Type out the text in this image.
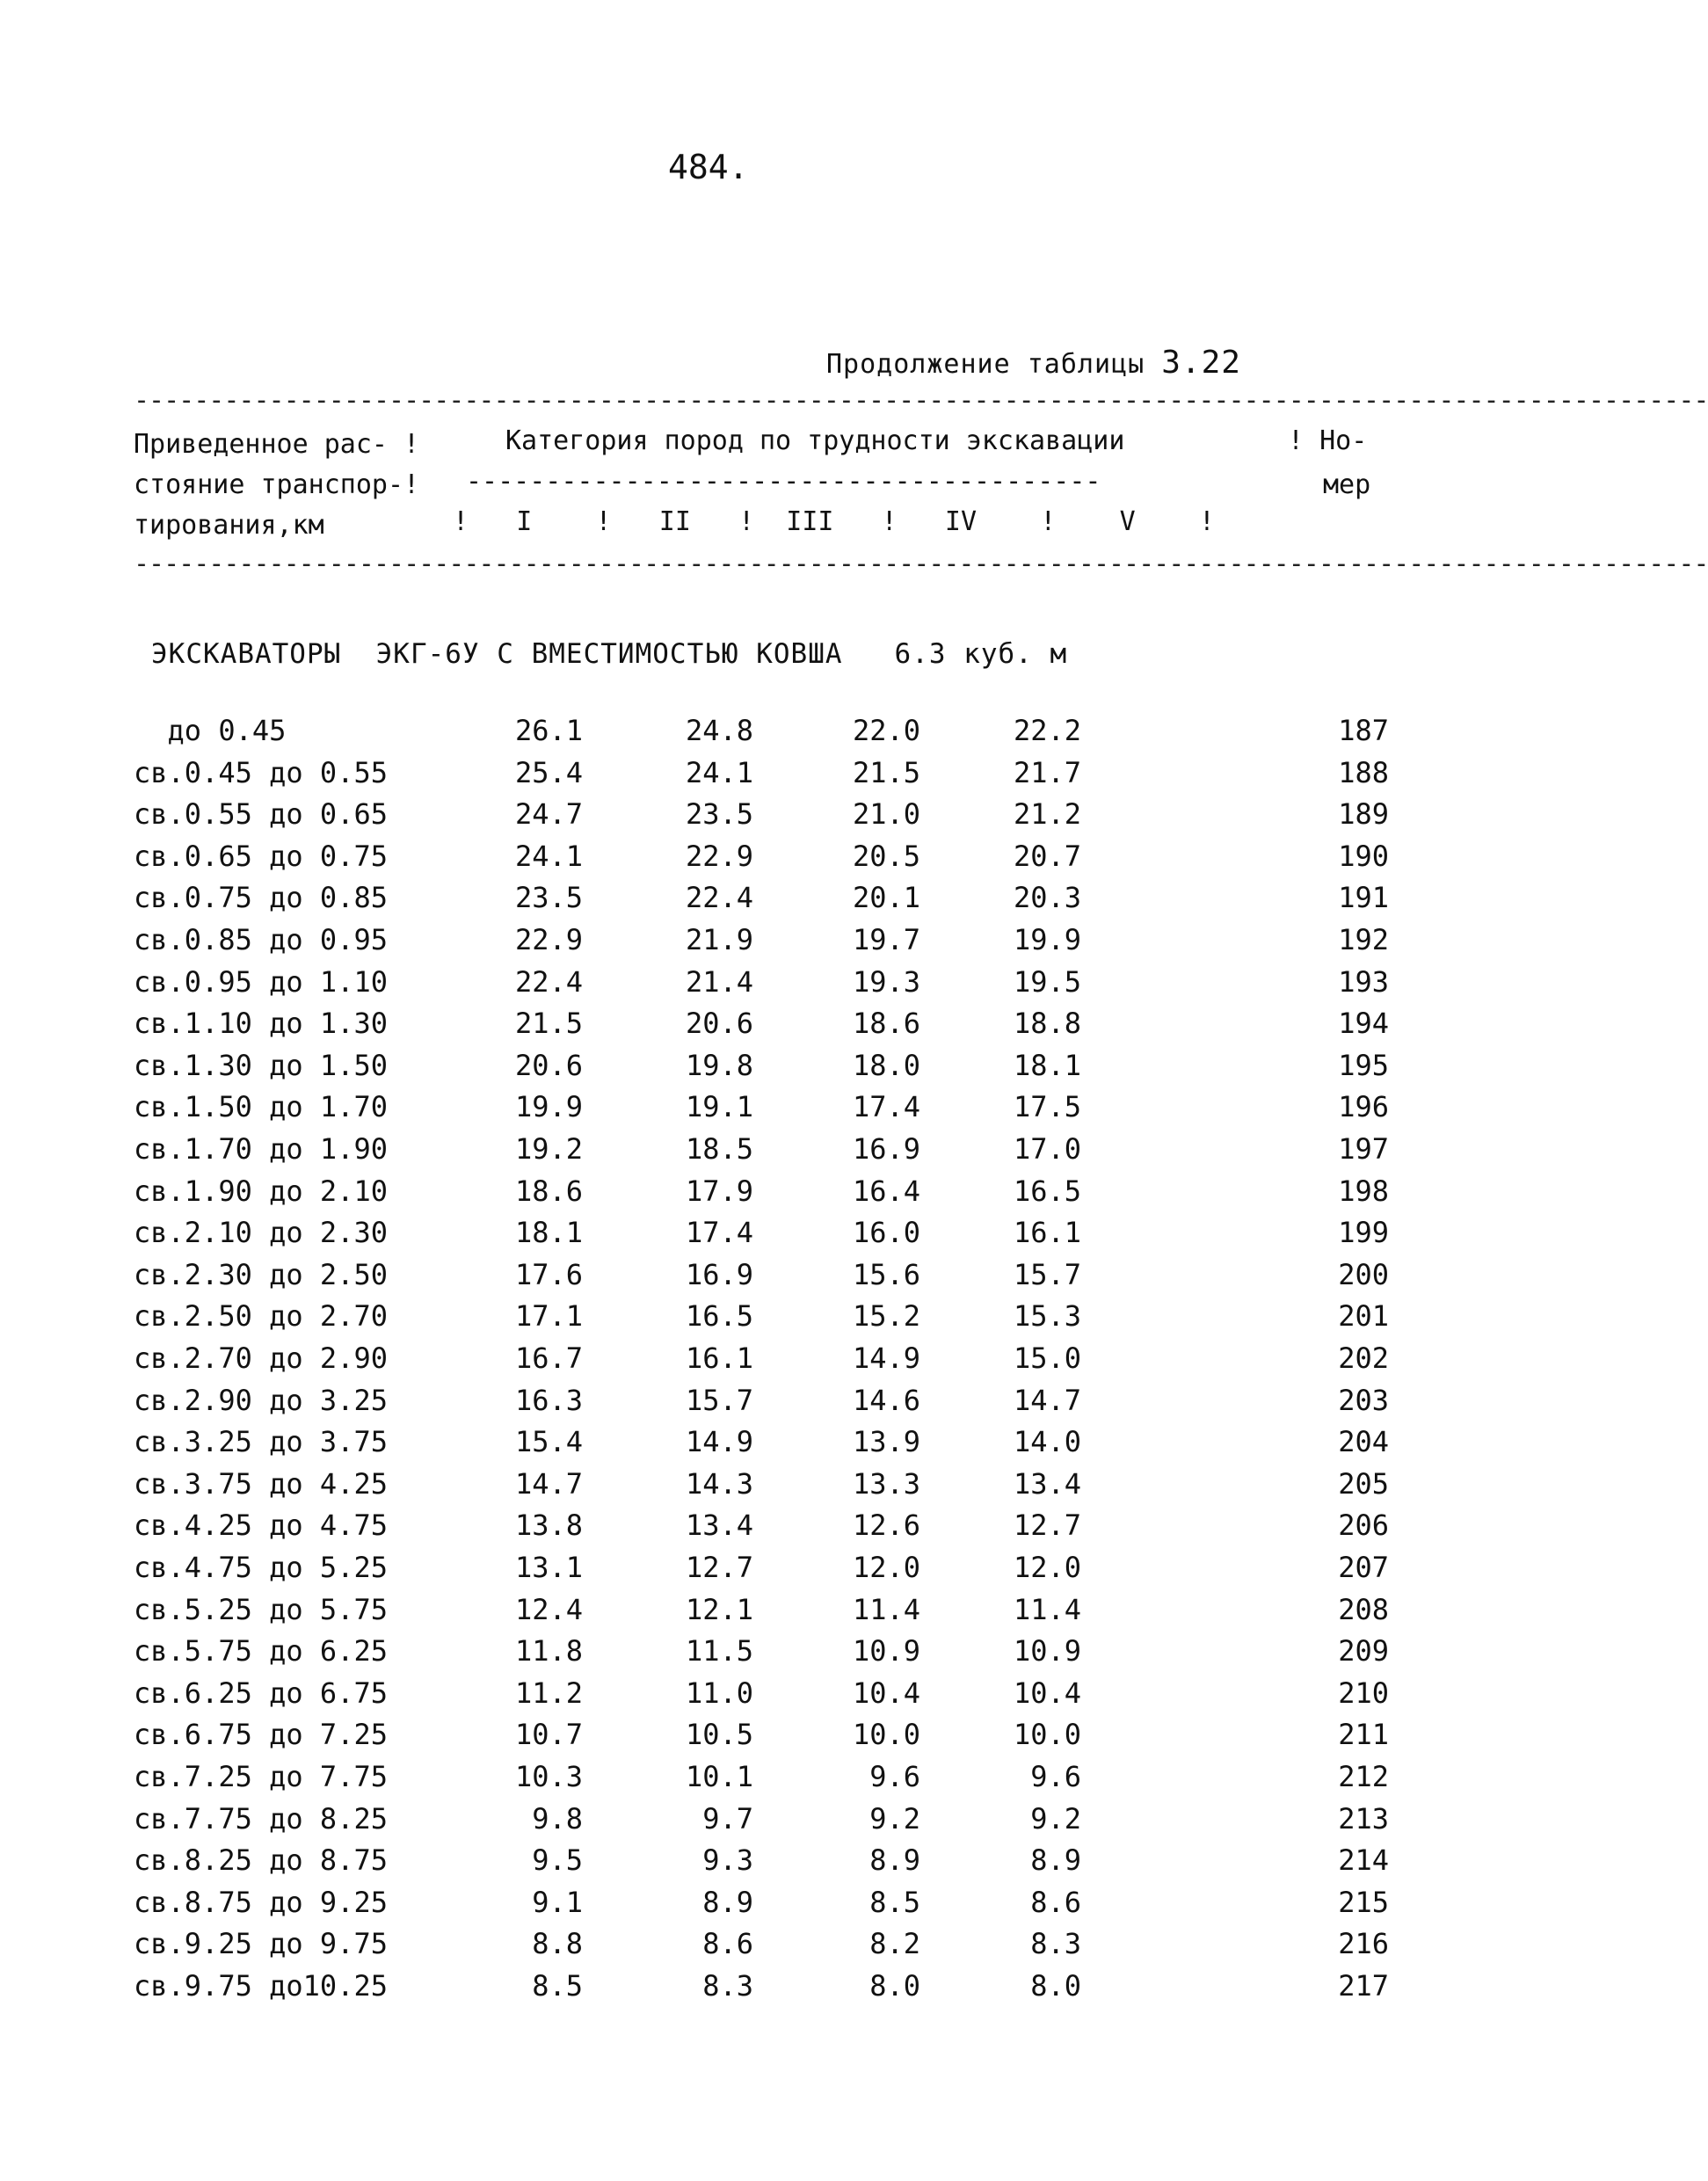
484.
Продолжение таблицы 3.22
---------------------------------------------------------------------------------------------------------
Приведенное рас- !	Категория пород по трудности экскавации	! Но-
стояние транспор-! ----------------------------------------	мер
тирования,км	!   I    !   II   !  III   !   IV    !    V    !
---------------------------------------------------------------------------------------------------------
ЭКСКАВАТОРЫ  ЭКГ-6У С ВМЕСТИМОСТЬЮ КОВША   6.3 куб. м
до 0.45	26.1	24.8	22.0	22.2	187
св.0.45 до 0.55	25.4	24.1	21.5	21.7	188
св.0.55 до 0.65	24.7	23.5	21.0	21.2	189
св.0.65 до 0.75	24.1	22.9	20.5	20.7	190
св.0.75 до 0.85	23.5	22.4	20.1	20.3	191
св.0.85 до 0.95	22.9	21.9	19.7	19.9	192
св.0.95 до 1.10	22.4	21.4	19.3	19.5	193
св.1.10 до 1.30	21.5	20.6	18.6	18.8	194
св.1.30 до 1.50	20.6	19.8	18.0	18.1	195
св.1.50 до 1.70	19.9	19.1	17.4	17.5	196
св.1.70 до 1.90	19.2	18.5	16.9	17.0	197
св.1.90 до 2.10	18.6	17.9	16.4	16.5	198
св.2.10 до 2.30	18.1	17.4	16.0	16.1	199
св.2.30 до 2.50	17.6	16.9	15.6	15.7	200
св.2.50 до 2.70	17.1	16.5	15.2	15.3	201
св.2.70 до 2.90	16.7	16.1	14.9	15.0	202
св.2.90 до 3.25	16.3	15.7	14.6	14.7	203
св.3.25 до 3.75	15.4	14.9	13.9	14.0	204
св.3.75 до 4.25	14.7	14.3	13.3	13.4	205
св.4.25 до 4.75	13.8	13.4	12.6	12.7	206
св.4.75 до 5.25	13.1	12.7	12.0	12.0	207
св.5.25 до 5.75	12.4	12.1	11.4	11.4	208
св.5.75 до 6.25	11.8	11.5	10.9	10.9	209
св.6.25 до 6.75	11.2	11.0	10.4	10.4	210
св.6.75 до 7.25	10.7	10.5	10.0	10.0	211
св.7.25 до 7.75	10.3	10.1	9.6	9.6	212
св.7.75 до 8.25	9.8	9.7	9.2	9.2	213
св.8.25 до 8.75	9.5	9.3	8.9	8.9	214
св.8.75 до 9.25	9.1	8.9	8.5	8.6	215
св.9.25 до 9.75	8.8	8.6	8.2	8.3	216
св.9.75 до10.25	8.5	8.3	8.0	8.0	217
